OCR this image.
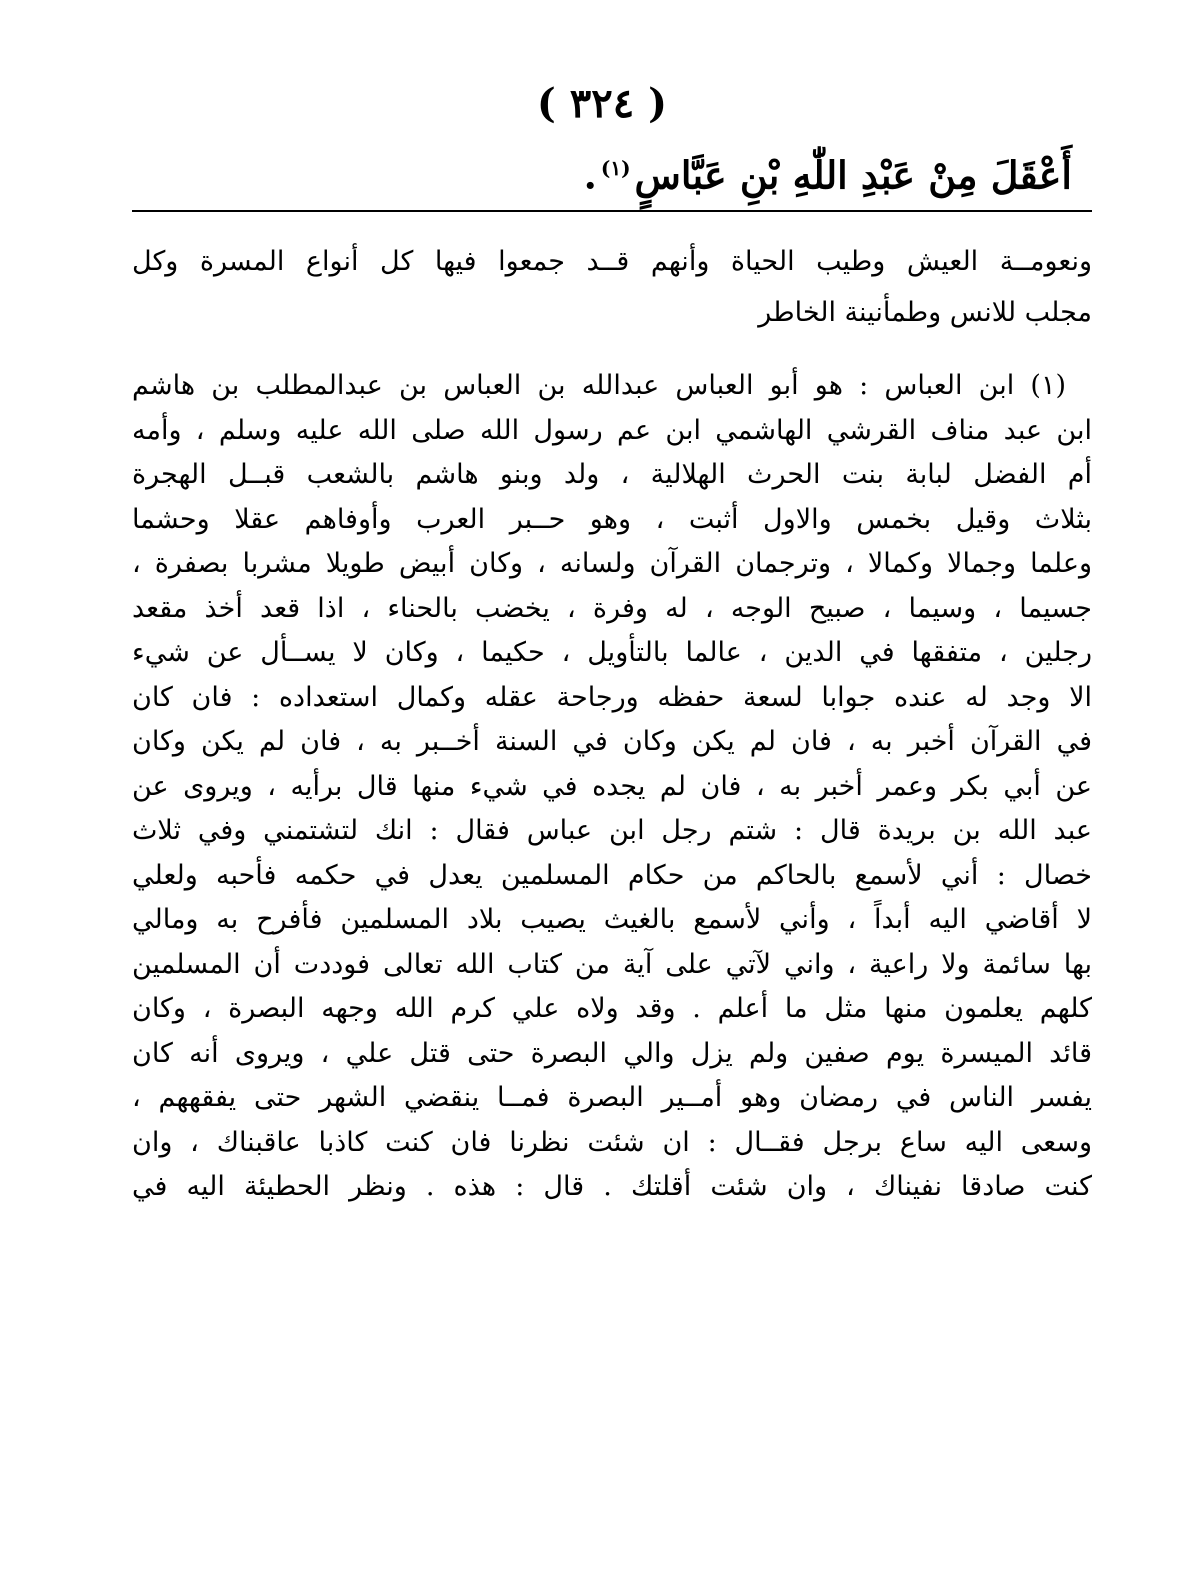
( ٣٢٤ )
أَعْقَلَ مِنْ عَبْدِ اللّٰهِ بْنِ عَبَّاسٍ$^{(١)}$.
ونعومــة العيش وطيب الحياة وأنهم قــد جمعوا فيها كل أنواع المسرة وكل
مجلب للانس وطمأنينة الخاطر
(١) ابن العباس : هو أبو العباس عبدالله بن العباس بن عبدالمطلب بن هاشم
ابن عبد مناف القرشي الهاشمي ابن عم رسول الله صلى الله عليه وسلم ، وأمه
أم الفضل لبابة بنت الحرث الهلالية ، ولد وبنو هاشم بالشعب قبــل الهجرة
بثلاث وقيل بخمس والاول أثبت ، وهو حــبر العرب وأوفاهم عقلا وحشما
وعلما وجمالا وكمالا ، وترجمان القرآن ولسانه ، وكان أبيض طويلا مشربا بصفرة ،
جسيما ، وسيما ، صبيح الوجه ، له وفرة ، يخضب بالحناء ، اذا قعد أخذ مقعد
رجلين ، متفقها في الدين ، عالما بالتأويل ، حكيما ، وكان لا يســأل عن شيء
الا وجد له عنده جوابا لسعة حفظه ورجاحة عقله وكمال استعداده : فان كان
في القرآن أخبر به ، فان لم يكن وكان في السنة أخــبر به ، فان لم يكن وكان
عن أبي بكر وعمر أخبر به ، فان لم يجده في شيء منها قال برأيه ، ويروى عن
عبد الله بن بريدة قال : شتم رجل ابن عباس فقال : انك لتشتمني وفي ثلاث
خصال : أني لأسمع بالحاكم من حكام المسلمين يعدل في حكمه فأحبه ولعلي
لا أقاضي اليه أبداً ، وأني لأسمع بالغيث يصيب بلاد المسلمين فأفرح به ومالي
بها سائمة ولا راعية ، واني لآتي على آية من كتاب الله تعالى فوددت أن المسلمين
كلهم يعلمون منها مثل ما أعلم . وقد ولاه علي كرم الله وجهه البصرة ، وكان
قائد الميسرة يوم صفين ولم يزل والي البصرة حتى قتل علي ، ويروى أنه كان
يفسر الناس في رمضان وهو أمــير البصرة فمــا ينقضي الشهر حتى يفقههم ،
وسعى اليه ساع برجل فقــال : ان شئت نظرنا فان كنت كاذبا عاقبناك ، وان
كنت صادقا نفيناك ، وان شئت أقلتك . قال : هذه . ونظر الحطيئة اليه في
